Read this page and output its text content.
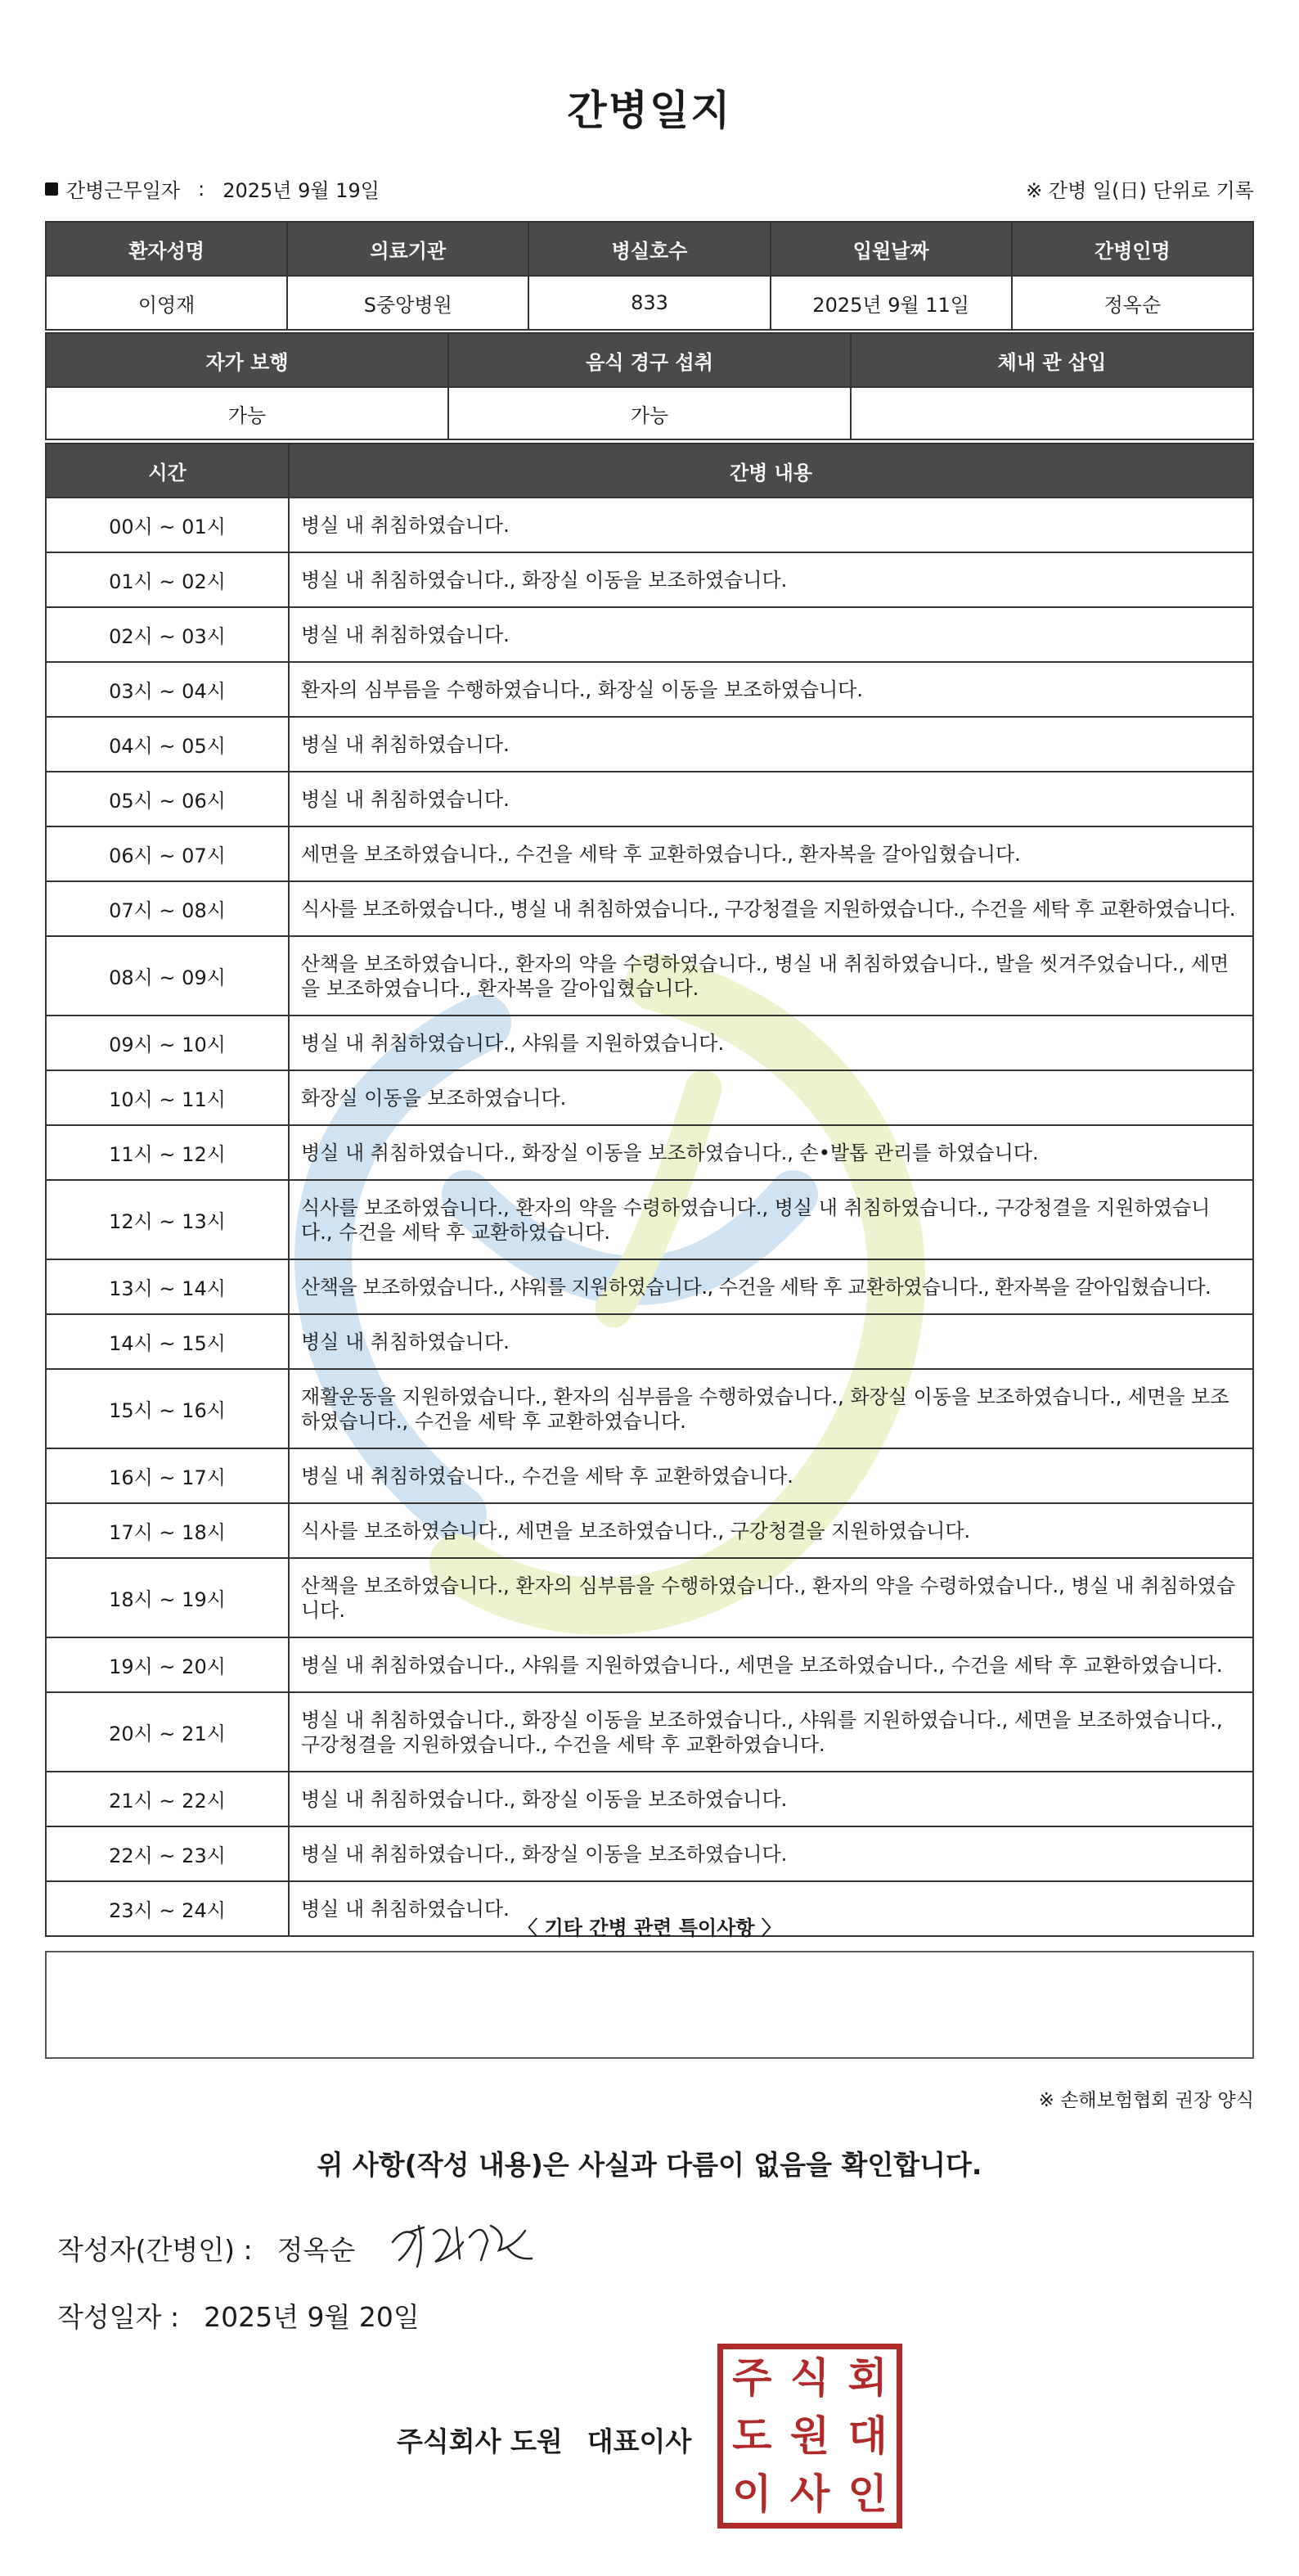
간병일지
간병근무일자 : 2025년 9월 19일	※ 간병 일(日) 단위로 기록
환자성명	의료기관	병실호수	입원날짜	간병인명
이영재	S중앙병원	833	2025년 9월 11일	정옥순
자가 보행	음식 경구 섭취	체내 관 삽입
가능	가능	
시간	간병 내용
00시 ~ 01시	병실 내 취침하였습니다.
01시 ~ 02시	병실 내 취침하였습니다., 화장실 이동을 보조하였습니다.
02시 ~ 03시	병실 내 취침하였습니다.
03시 ~ 04시	환자의 심부름을 수행하였습니다., 화장실 이동을 보조하였습니다.
04시 ~ 05시	병실 내 취침하였습니다.
05시 ~ 06시	병실 내 취침하였습니다.
06시 ~ 07시	세면을 보조하였습니다., 수건을 세탁 후 교환하였습니다., 환자복을 갈아입혔습니다.
07시 ~ 08시	식사를 보조하였습니다., 병실 내 취침하였습니다., 구강청결을 지원하였습니다., 수건을 세탁 후 교환하였습니다.
08시 ~ 09시	산책을 보조하였습니다., 환자의 약을 수령하였습니다., 병실 내 취침하였습니다., 발을 씻겨주었습니다., 세면을 보조하였습니다., 환자복을 갈아입혔습니다.
09시 ~ 10시	병실 내 취침하였습니다., 샤워를 지원하였습니다.
10시 ~ 11시	화장실 이동을 보조하였습니다.
11시 ~ 12시	병실 내 취침하였습니다., 화장실 이동을 보조하였습니다., 손•발톱 관리를 하였습니다.
12시 ~ 13시	식사를 보조하였습니다., 환자의 약을 수령하였습니다., 병실 내 취침하였습니다., 구강청결을 지원하였습니다., 수건을 세탁 후 교환하였습니다.
13시 ~ 14시	산책을 보조하였습니다., 샤워를 지원하였습니다., 수건을 세탁 후 교환하였습니다., 환자복을 갈아입혔습니다.
14시 ~ 15시	병실 내 취침하였습니다.
15시 ~ 16시	재활운동을 지원하였습니다., 환자의 심부름을 수행하였습니다., 화장실 이동을 보조하였습니다., 세면을 보조하였습니다., 수건을 세탁 후 교환하였습니다.
16시 ~ 17시	병실 내 취침하였습니다., 수건을 세탁 후 교환하였습니다.
17시 ~ 18시	식사를 보조하였습니다., 세면을 보조하였습니다., 구강청결을 지원하였습니다.
18시 ~ 19시	산책을 보조하였습니다., 환자의 심부름을 수행하였습니다., 환자의 약을 수령하였습니다., 병실 내 취침하였습니다.
19시 ~ 20시	병실 내 취침하였습니다., 샤워를 지원하였습니다., 세면을 보조하였습니다., 수건을 세탁 후 교환하였습니다.
20시 ~ 21시	병실 내 취침하였습니다., 화장실 이동을 보조하였습니다., 샤워를 지원하였습니다., 세면을 보조하였습니다., 구강청결을 지원하였습니다., 수건을 세탁 후 교환하였습니다.
21시 ~ 22시	병실 내 취침하였습니다., 화장실 이동을 보조하였습니다.
22시 ~ 23시	병실 내 취침하였습니다., 화장실 이동을 보조하였습니다.
23시 ~ 24시	병실 내 취침하였습니다.
〈 기타 간병 관련 특이사항 〉
※ 손해보험협회 권장 양식
위 사항(작성 내용)은 사실과 다름이 없음을 확인합니다.
작성자(간병인) : 정옥순
작성일자 : 2025년 9월 20일
주식회사 도원 대표이사
주 식 회
도 원 대
이 사 인
